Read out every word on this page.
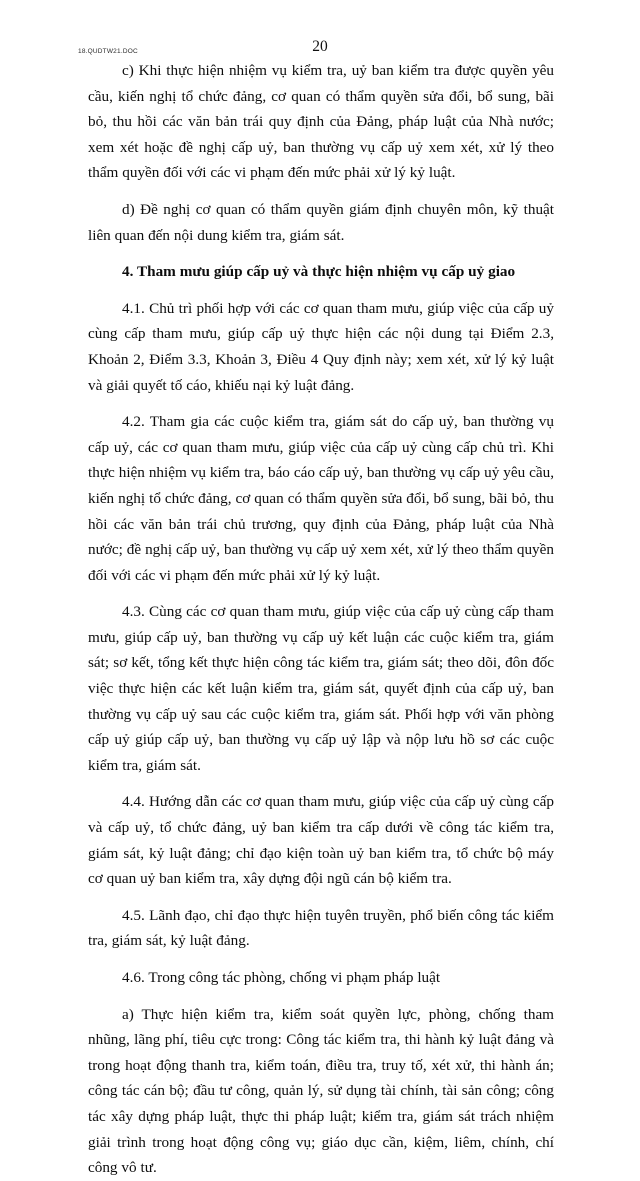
18.QUDTW21.DOC	20

c) Khi thực hiện nhiệm vụ kiểm tra, uỷ ban kiểm tra được quyền yêu cầu, kiến nghị tổ chức đảng, cơ quan có thẩm quyền sửa đổi, bổ sung, bãi bỏ, thu hồi các văn bản trái quy định của Đảng, pháp luật của Nhà nước; xem xét hoặc đề nghị cấp uỷ, ban thường vụ cấp uỷ xem xét, xử lý theo thẩm quyền đối với các vi phạm đến mức phải xử lý kỷ luật.

d) Đề nghị cơ quan có thẩm quyền giám định chuyên môn, kỹ thuật liên quan đến nội dung kiểm tra, giám sát.

4. Tham mưu giúp cấp uỷ và thực hiện nhiệm vụ cấp uỷ giao

4.1. Chủ trì phối hợp với các cơ quan tham mưu, giúp việc của cấp uỷ cùng cấp tham mưu, giúp cấp uỷ thực hiện các nội dung tại Điểm 2.3, Khoản 2, Điểm 3.3, Khoản 3, Điều 4 Quy định này; xem xét, xử lý kỷ luật và giải quyết tố cáo, khiếu nại kỷ luật đảng.

4.2. Tham gia các cuộc kiểm tra, giám sát do cấp uỷ, ban thường vụ cấp uỷ, các cơ quan tham mưu, giúp việc của cấp uỷ cùng cấp chủ trì. Khi thực hiện nhiệm vụ kiểm tra, báo cáo cấp uỷ, ban thường vụ cấp uỷ yêu cầu, kiến nghị tổ chức đảng, cơ quan có thẩm quyền sửa đổi, bổ sung, bãi bỏ, thu hồi các văn bản trái chủ trương, quy định của Đảng, pháp luật của Nhà nước; đề nghị cấp uỷ, ban thường vụ cấp uỷ xem xét, xử lý theo thẩm quyền đối với các vi phạm đến mức phải xử lý kỷ luật.

4.3. Cùng các cơ quan tham mưu, giúp việc của cấp uỷ cùng cấp tham mưu, giúp cấp uỷ, ban thường vụ cấp uỷ kết luận các cuộc kiểm tra, giám sát; sơ kết, tổng kết thực hiện công tác kiểm tra, giám sát; theo dõi, đôn đốc việc thực hiện các kết luận kiểm tra, giám sát, quyết định của cấp uỷ, ban thường vụ cấp uỷ sau các cuộc kiểm tra, giám sát. Phối hợp với văn phòng cấp uỷ giúp cấp uỷ, ban thường vụ cấp uỷ lập và nộp lưu hồ sơ các cuộc kiểm tra, giám sát.

4.4. Hướng dẫn các cơ quan tham mưu, giúp việc của cấp uỷ cùng cấp và cấp uỷ, tổ chức đảng, uỷ ban kiểm tra cấp dưới về công tác kiểm tra, giám sát, kỷ luật đảng; chỉ đạo kiện toàn uỷ ban kiểm tra, tổ chức bộ máy cơ quan uỷ ban kiểm tra, xây dựng đội ngũ cán bộ kiểm tra.

4.5. Lãnh đạo, chỉ đạo thực hiện tuyên truyền, phổ biến công tác kiểm tra, giám sát, kỷ luật đảng.

4.6. Trong công tác phòng, chống vi phạm pháp luật

a) Thực hiện kiểm tra, kiểm soát quyền lực, phòng, chống tham nhũng, lãng phí, tiêu cực trong: Công tác kiểm tra, thi hành kỷ luật đảng và trong hoạt động thanh tra, kiểm toán, điều tra, truy tố, xét xử, thi hành án; công tác cán bộ; đầu tư công, quản lý, sử dụng tài chính, tài sản công; công tác xây dựng pháp luật, thực thi pháp luật; kiểm tra, giám sát trách nhiệm giải trình trong hoạt động công vụ; giáo dục cần, kiệm, liêm, chính, chí công vô tư.
